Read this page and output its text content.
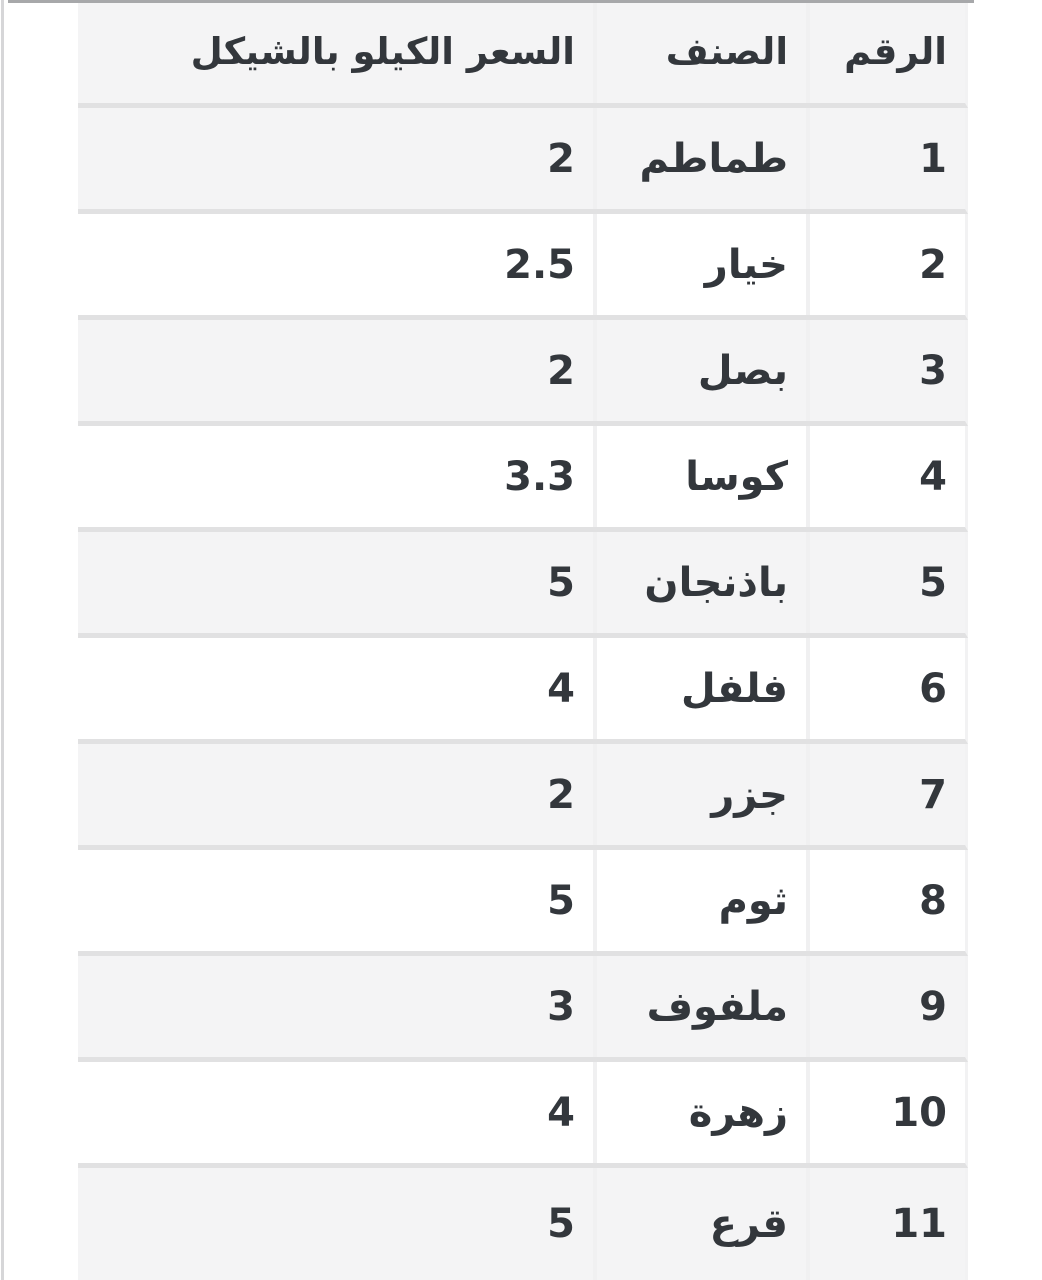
الرقم
الصنف
السعر الكيلو بالشيكل
1
طماطم
2
2
خيار
2.5
3
بصل
2
4
كوسا
3.3
5
باذنجان
5
6
فلفل
4
7
جزر
2
8
ثوم
5
9
ملفوف
3
10
زهرة
4
11
قرع
5
